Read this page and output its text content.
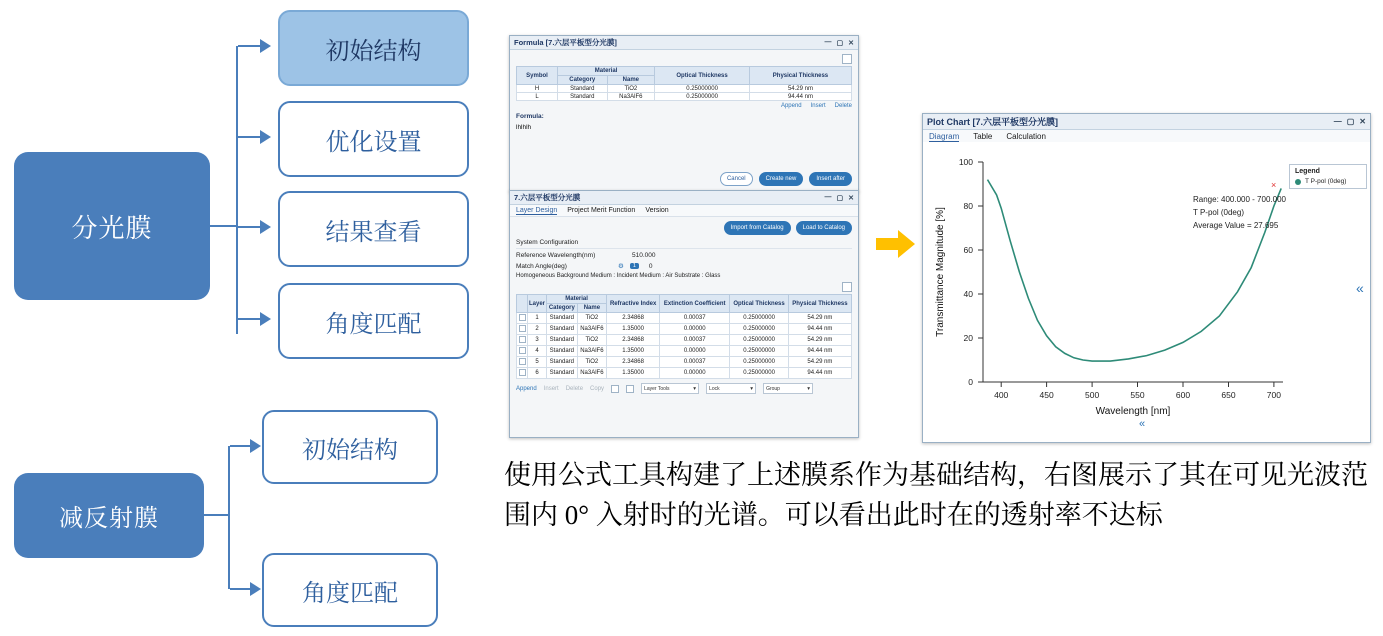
分光膜
初始结构
优化设置
结果查看
角度匹配
减反射膜
初始结构
角度匹配
Formula [7.六层平板型分光膜]	— ▢ ✕
Symbol	Material		Optical Thickness	Physical Thickness
	Category	Name		
H	Standard	TiO2	0.25000000	54.29 nm
L	Standard	Na3AlF6	0.25000000	94.44 nm
Append Insert Delete
Formula:
lhlhlh
Cancel	Create new	Insert after
7.六层平板型分光膜	— ▢ ✕
Layer Design Project Merit Function Version
Import from Catalog	Load to Catalog
System Configuration
Reference Wavelength(nm)	510.000
Match Angle(deg)	⚙	1	0
Homogeneous Background Medium : Incident Medium : Air Substrate : Glass
	Layer	Material		Refractive Index	Extinction Coefficient	Optical Thickness	Physical Thickness
		Category	Name				
	1	Standard	TiO2	2.34868	0.00037	0.25000000	54.29 nm
	2	Standard	Na3AlF6	1.35000	0.00000	0.25000000	94.44 nm
	3	Standard	TiO2	2.34868	0.00037	0.25000000	54.29 nm
	4	Standard	Na3AlF6	1.35000	0.00000	0.25000000	94.44 nm
	5	Standard	TiO2	2.34868	0.00037	0.25000000	54.29 nm
	6	Standard	Na3AlF6	1.35000	0.00000	0.25000000	94.44 nm
Append Insert Delete Copy	Layer Tools	▾	Lock	▾	Group	▾
Plot Chart [7.六层平板型分光膜]	— ▢ ✕
Diagram Table Calculation
100
80
60
40
20
0
400	450	500	550	600	650	700
Wavelength [nm]
Transmittance Magnitude [%]
Range: 400.000 - 700.000
T P-pol (0deg)
Average Value = 27.695
×
Legend
T P-pol (0deg)
«
«
使用公式工具构建了上述膜系作为基础结构，右图展示了其在可见光波范围内 0° 入射时的光谱。可以看出此时在的透射率不达标
